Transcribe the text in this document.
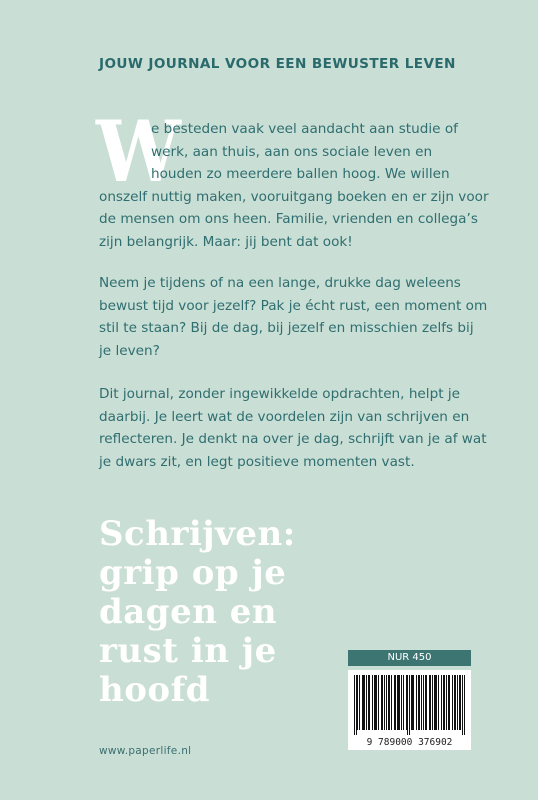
JOUW JOURNAL VOOR EEN BEWUSTER LEVEN
W
e besteden vaak veel aandacht aan studie of
werk, aan thuis, aan ons sociale leven en
houden zo meerdere ballen hoog. We willen
onszelf nuttig maken, vooruitgang boeken en er zijn voor
de mensen om ons heen. Familie, vrienden en collega’s
zijn belangrijk. Maar: jij bent dat ook!
Neem je tijdens of na een lange, drukke dag weleens
bewust tijd voor jezelf? Pak je écht rust, een moment om
stil te staan? Bij de dag, bij jezelf en misschien zelfs bij
je leven?
Dit journal, zonder ingewikkelde opdrachten, helpt je
daarbij. Je leert wat de voordelen zijn van schrijven en
reflecteren. Je denkt na over je dag, schrijft van je af wat
je dwars zit, en legt positieve momenten vast.
Schrijven:
grip op je
dagen en
rust in je
hoofd
www.paperlife.nl
NUR 450
9 789000 376902
